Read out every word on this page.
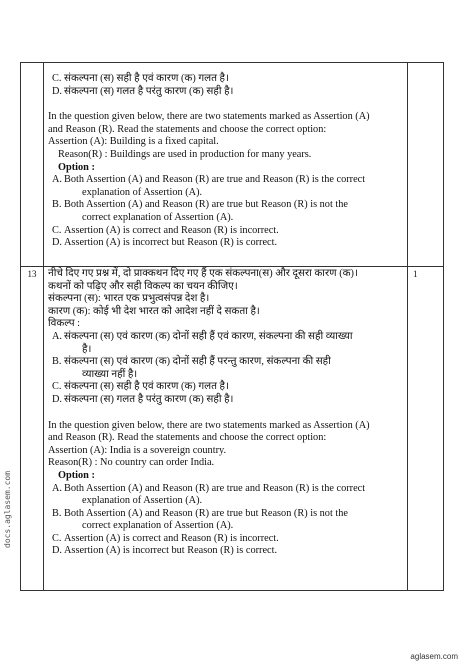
13	1
C. संकल्पना (स) सही है एवं कारण (क) गलत है।
D. संकल्पना (स) गलत है परंतु कारण (क) सही है।
In the question given below, there are two statements marked as Assertion (A)
and Reason (R). Read the statements and choose the correct option:
Assertion (A): Building is a fixed capital.
Reason(R) : Buildings are used in production for many years.
Option :
A. Both Assertion (A) and Reason (R) are true and Reason (R) is the correct
explanation of Assertion (A).
B. Both Assertion (A) and Reason (R) are true but Reason (R) is not the
correct explanation of Assertion (A).
C. Assertion (A) is correct and Reason (R) is incorrect.
D. Assertion (A) is incorrect but Reason (R) is correct.
नीचे दिए गए प्रश्न में, दो प्राक्कथन दिए गए हैं एक संकल्पना(स) और दूसरा कारण (क)।
कथनों को पढ़िए और सही विकल्प का चयन कीजिए।
संकल्पना (स): भारत एक प्रभुत्वसंपन्न देश है।
कारण (क): कोई भी देश भारत को आदेश नहीं दे सकता है।
विकल्प :
A. संकल्पना (स) एवं कारण (क) दोनों सही हैं एवं कारण, संकल्पना की सही व्याख्या
है।
B. संकल्पना (स) एवं कारण (क) दोनों सही हैं परन्तु कारण, संकल्पना की सही
व्याख्या नहीं है।
C. संकल्पना (स) सही है एवं कारण (क) गलत है।
D. संकल्पना (स) गलत है परंतु कारण (क) सही है।
In the question given below, there are two statements marked as Assertion (A)
and Reason (R). Read the statements and choose the correct option:
Assertion (A): India is a sovereign country.
Reason(R) : No country can order India.
Option :
A. Both Assertion (A) and Reason (R) are true and Reason (R) is the correct
explanation of Assertion (A).
B. Both Assertion (A) and Reason (R) are true but Reason (R) is not the
correct explanation of Assertion (A).
C. Assertion (A) is correct and Reason (R) is incorrect.
D. Assertion (A) is incorrect but Reason (R) is correct.
docs.aglasem.com
aglasem.com
